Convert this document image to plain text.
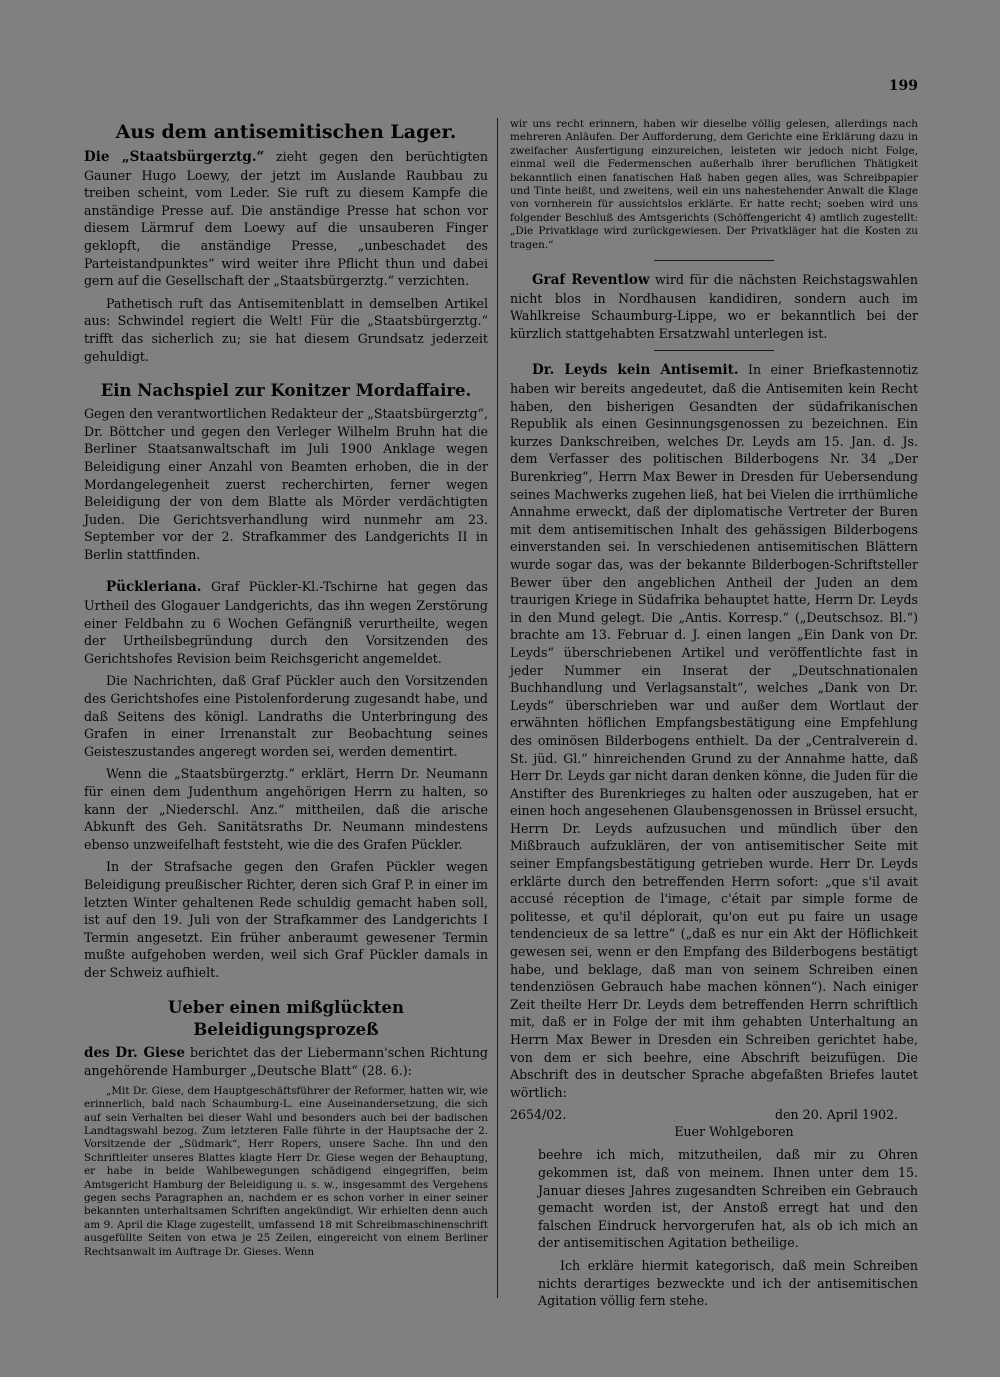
199
Aus dem antisemitischen Lager.

Die „Staatsbürgerztg.“ zieht gegen den berüchtigten Gauner Hugo Loewy, der jetzt im Auslande Raubbau zu treiben scheint, vom Leder. Sie ruft zu diesem Kampfe die anständige Presse auf. Die anständige Presse hat schon vor diesem Lärmruf dem Loewy auf die unsauberen Finger geklopft, die anständige Presse, „unbeschadet des Parteistandpunktes“ wird weiter ihre Pflicht thun und dabei gern auf die Gesellschaft der „Staatsbürgerztg.“ verzichten.

Pathetisch ruft das Antisemitenblatt in demselben Artikel aus: Schwindel regiert die Welt! Für die „Staatsbürgerztg.“ trifft das sicherlich zu; sie hat diesem Grundsatz jederzeit gehuldigt.

Ein Nachspiel zur Konitzer Mordaffaire.

Gegen den verantwortlichen Redakteur der „Staatsbürgerztg“, Dr. Böttcher und gegen den Verleger Wilhelm Bruhn hat die Berliner Staatsanwaltschaft im Juli 1900 Anklage wegen Beleidigung einer Anzahl von Beamten erhoben, die in der Mordangelegenheit zuerst recherchirten, ferner wegen Beleidigung der von dem Blatte als Mörder verdächtigten Juden. Die Gerichtsverhandlung wird nunmehr am 23. September vor der 2. Strafkammer des Landgerichts II in Berlin stattfinden.

Pückleriana. Graf Pückler-Kl.-Tschirne hat gegen das Urtheil des Glogauer Landgerichts, das ihn wegen Zerstörung einer Feldbahn zu 6 Wochen Gefängniß verurtheilte, wegen der Urtheilsbegründung durch den Vorsitzenden des Gerichtshofes Revision beim Reichsgericht angemeldet.

Die Nachrichten, daß Graf Pückler auch den Vorsitzenden des Gerichtshofes eine Pistolenforderung zugesandt habe, und daß Seitens des königl. Landraths die Unterbringung des Grafen in einer Irrenanstalt zur Beobachtung seines Geisteszustandes angeregt worden sei, werden dementirt.

Wenn die „Staatsbürgerztg.“ erklärt, Herrn Dr. Neumann für einen dem Judenthum angehörigen Herrn zu halten, so kann der „Niederschl. Anz.“ mittheilen, daß die arische Abkunft des Geh. Sanitätsraths Dr. Neumann mindestens ebenso unzweifelhaft feststeht, wie die des Grafen Pückler.

In der Strafsache gegen den Grafen Pückler wegen Beleidigung preußischer Richter, deren sich Graf P. in einer im letzten Winter gehaltenen Rede schuldig gemacht haben soll, ist auf den 19. Juli von der Strafkammer des Landgerichts I Termin angesetzt. Ein früher anberaumt gewesener Termin mußte aufgehoben werden, weil sich Graf Pückler damals in der Schweiz aufhielt.

Ueber einen mißglückten Beleidigungsprozeß

des Dr. Giese berichtet das der Liebermann'schen Richtung angehörende Hamburger „Deutsche Blatt“ (28. 6.):

„Mit Dr. Giese, dem Hauptgeschäftsführer der Reformer, hatten wir, wie erinnerlich, bald nach Schaumburg-L. eine Auseinandersetzung, die sich auf sein Verhalten bei dieser Wahl und besonders auch bei der badischen Landtagswahl bezog. Zum letzteren Falle führte in der Hauptsache der 2. Vorsitzende der „Südmark“, Herr Ropers, unsere Sache. Ihn und den Schriftleiter unseres Blattes klagte Herr Dr. Giese wegen der Behauptung, er habe in beide Wahlbewegungen schädigend eingegriffen, beim Amtsgericht Hamburg der Beleidigung u. s. w., insgesammt des Vergehens gegen sechs Paragraphen an, nachdem er es schon vorher in einer seiner bekannten unterhaltsamen Schriften angekündigt. Wir erhielten denn auch am 9. April die Klage zugestellt, umfassend 18 mit Schreibmaschinenschrift ausgefüllte Seiten von etwa je 25 Zeilen, eingereicht von einem Berliner Rechtsanwalt im Auftrage Dr. Gieses. Wenn

wir uns recht erinnern, haben wir dieselbe völlig gelesen, allerdings nach mehreren Anläufen. Der Aufforderung, dem Gerichte eine Erklärung dazu in zweifacher Ausfertigung einzureichen, leisteten wir jedoch nicht Folge, einmal weil die Federmenschen außerhalb ihrer beruflichen Thätigkeit bekanntlich einen fanatischen Haß haben gegen alles, was Schreibpapier und Tinte heißt, und zweitens, weil ein uns nahestehender Anwalt die Klage von vornherein für aussichtslos erklärte. Er hatte recht; soeben wird uns folgender Beschluß des Amtsgerichts (Schöffengericht 4) amtlich zugestellt: „Die Privatklage wird zurückgewiesen. Der Privatkläger hat die Kosten zu tragen.“

Graf Reventlow wird für die nächsten Reichstagswahlen nicht blos in Nordhausen kandidiren, sondern auch im Wahlkreise Schaumburg-Lippe, wo er bekanntlich bei der kürzlich stattgehabten Ersatzwahl unterlegen ist.

Dr. Leyds kein Antisemit. In einer Briefkastennotiz haben wir bereits angedeutet, daß die Antisemiten kein Recht haben, den bisherigen Gesandten der südafrikanischen Republik als einen Gesinnungsgenossen zu bezeichnen. Ein kurzes Dankschreiben, welches Dr. Leyds am 15. Jan. d. Js. dem Verfasser des politischen Bilderbogens Nr. 34 „Der Burenkrieg“, Herrn Max Bewer in Dresden für Uebersendung seines Machwerks zugehen ließ, hat bei Vielen die irrthümliche Annahme erweckt, daß der diplomatische Vertreter der Buren mit dem antisemitischen Inhalt des gehässigen Bilderbogens einverstanden sei. In verschiedenen antisemitischen Blättern wurde sogar das, was der bekannte Bilderbogen-Schriftsteller Bewer über den angeblichen Antheil der Juden an dem traurigen Kriege in Südafrika behauptet hatte, Herrn Dr. Leyds in den Mund gelegt. Die „Antis. Korresp.“ („Deutschsoz. Bl.“) brachte am 13. Februar d. J. einen langen „Ein Dank von Dr. Leyds“ überschriebenen Artikel und veröffentlichte fast in jeder Nummer ein Inserat der „Deutschnationalen Buchhandlung und Verlagsanstalt“, welches „Dank von Dr. Leyds“ überschrieben war und außer dem Wortlaut der erwähnten höflichen Empfangsbestätigung eine Empfehlung des ominösen Bilderbogens enthielt. Da der „Centralverein d. St. jüd. Gl.“ hinreichenden Grund zu der Annahme hatte, daß Herr Dr. Leyds gar nicht daran denken könne, die Juden für die Anstifter des Burenkrieges zu halten oder auszugeben, hat er einen hoch angesehenen Glaubensgenossen in Brüssel ersucht, Herrn Dr. Leyds aufzusuchen und mündlich über den Mißbrauch aufzuklären, der von antisemitischer Seite mit seiner Empfangsbestätigung getrieben wurde. Herr Dr. Leyds erklärte durch den betreffenden Herrn sofort: „que s'il avait accusé réception de l'image, c'était par simple forme de politesse, et qu'il déplorait, qu'on eut pu faire un usage tendencieux de sa lettre“ („daß es nur ein Akt der Höflichkeit gewesen sei, wenn er den Empfang des Bilderbogens bestätigt habe, und beklage, daß man von seinem Schreiben einen tendenziösen Gebrauch habe machen können“). Nach einiger Zeit theilte Herr Dr. Leyds dem betreffenden Herrn schriftlich mit, daß er in Folge der mit ihm gehabten Unterhaltung an Herrn Max Bewer in Dresden ein Schreiben gerichtet habe, von dem er sich beehre, eine Abschrift beizufügen. Die Abschrift des in deutscher Sprache abgefaßten Briefes lautet wörtlich:

2654/02.	den 20. April 1902.
Euer Wohlgeboren

beehre ich mich, mitzutheilen, daß mir zu Ohren gekommen ist, daß von meinem. Ihnen unter dem 15. Januar dieses Jahres zugesandten Schreiben ein Gebrauch gemacht worden ist, der Anstoß erregt hat und den falschen Eindruck hervorgerufen hat, als ob ich mich an der antisemitischen Agitation betheilige.

Ich erkläre hiermit kategorisch, daß mein Schreiben nichts derartiges bezweckte und ich der antisemitischen Agitation völlig fern stehe.
